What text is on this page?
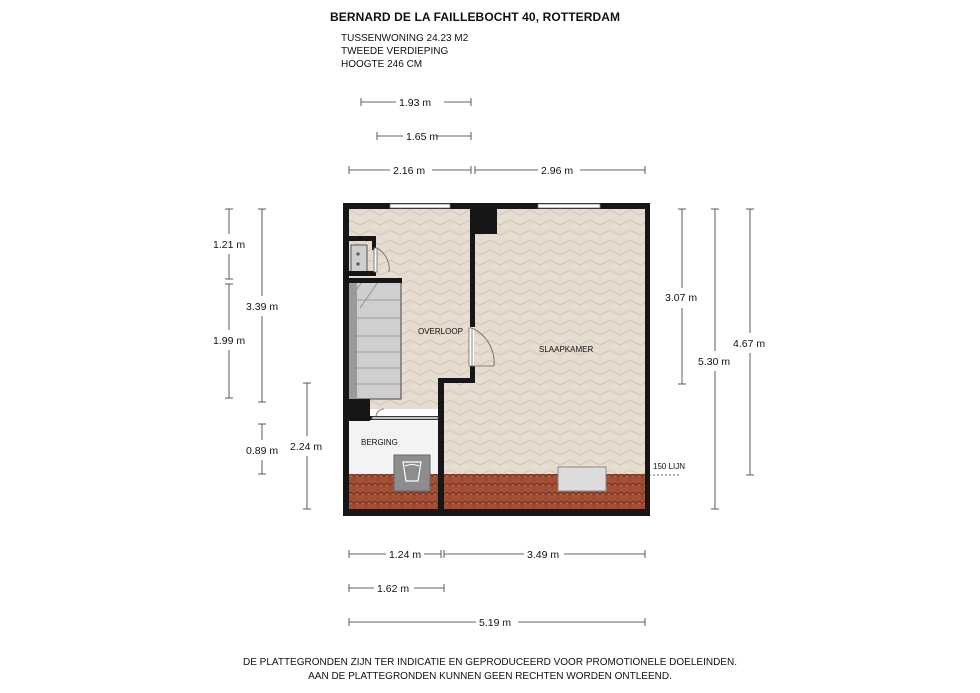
BERNARD DE LA FAILLEBOCHT 40, ROTTERDAM
TUSSENWONING 24.23 M2
TWEEDE VERDIEPING
HOOGTE 246 CM
OVERLOOP
SLAAPKAMER
BERGING
150 LIJN
1.93 m
1.65 m
2.16 m	2.96 m
1.21 m
1.99 m
0.89 m
3.39 m
2.24 m
3.07 m
5.30 m
4.67 m
1.24 m	3.49 m
1.62 m
5.19 m
DE PLATTEGRONDEN ZIJN TER INDICATIE EN GEPRODUCEERD VOOR PROMOTIONELE DOELEINDEN.
AAN DE PLATTEGRONDEN KUNNEN GEEN RECHTEN WORDEN ONTLEEND.
